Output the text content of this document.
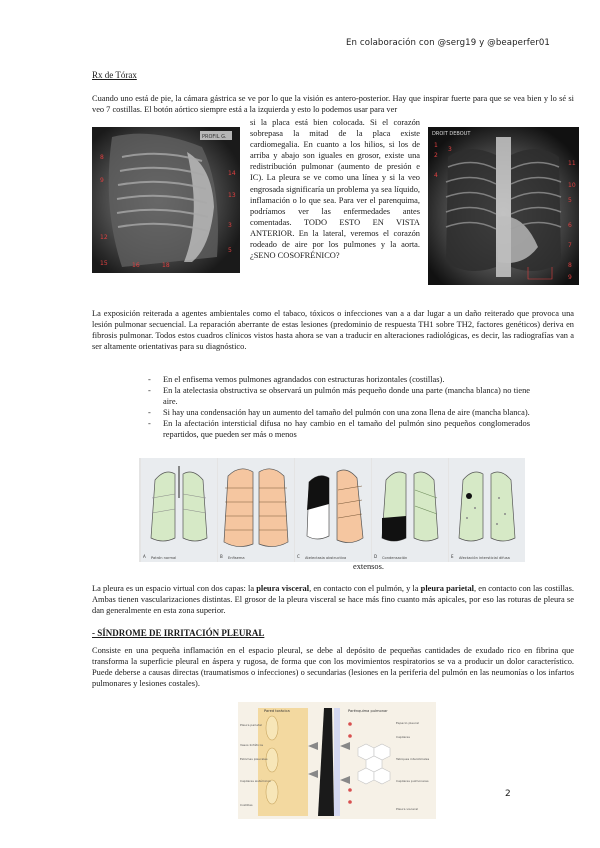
En colaboración con @serg19 y @beaperfer01
Rx de Tórax
Cuando uno está de pie, la cámara gástrica se ve por lo que la visión es antero-posterior. Hay que inspirar fuerte para que se vea bien y lo sé si veo 7 costillas. El botón aórtico siempre está a la izquierda y esto lo podemos usar para ver
PROFIL G.
8
9
14
13
3
5
12
15	16	18
si la placa está bien colocada. Si el corazón sobrepasa la mitad de la placa existe cardiomegalia. En cuanto a los hilios, si los de arriba y abajo son iguales en grosor, existe una redistribución pulmonar (aumento de presión e IC). La pleura se ve como una línea y si la veo engrosada significaría un problema ya sea líquido, inflamación o lo que sea. Para ver el parenquima, podríamos ver las enfermedades antes comentadas. TODO ESTO EN VISTA ANTERIOR. En la lateral, veremos el corazón rodeado de aire por los pulmones y la aorta. ¿SENO COSOFRÉNICO?
DROIT DEBOUT
1
2
4
3
11
10
5
6
7
8
9
La exposición reiterada a agentes ambientales como el tabaco, tóxicos o infecciones van a a dar lugar a un daño reiterado que provoca una lesión pulmonar secuencial. La reparación aberrante de estas lesiones (predominio de respuesta TH1 sobre TH2, factores genéticos) deriva en fibrosis pulmonar. Todos estos cuadros clínicos vistos hasta ahora se van a traducir en alteraciones radiológicas, es decir, las radiografías van a ser altamente orientativas para su diagnóstico.
- En el enfisema vemos pulmones agrandados con estructuras horizontales (costillas).
- En la atelectasia obstructiva se observará un pulmón más pequeño donde una parte (mancha blanca) no tiene aire.
- Si hay una condensación hay un aumento del tamaño del pulmón con una zona llena de aire (mancha blanca).
- En la afectación intersticial difusa no hay cambio en el tamaño del pulmón sino pequeños conglomerados repartidos, que pueden ser más o menos
A Patrón normal	B Enfisema	C Atelectasia obstructiva	D Condensación	E Afectación intersticial difusa
extensos.
La pleura es un espacio virtual con dos capas: la pleura visceral, en contacto con el pulmón, y la pleura parietal, en contacto con las costillas. Ambas tienen vascularizaciones distintas. El grosor de la pleura visceral se hace más fino cuanto más apicales, por eso las roturas de pleura se dan generalmente en esta zona superior.
- SÍNDROME DE IRRITACIÓN PLEURAL
Consiste en una pequeña inflamación en el espacio pleural, se debe al depósito de pequeñas cantidades de exudado rico en fibrina que transforma la superficie pleural en áspera y rugosa, de forma que con los movimientos respiratorios se va a producir un dolor característico. Puede deberse a causas directas (traumatismos o infecciones) o secundarias (lesiones en la periferia del pulmón en las neumonías o los infartos pulmonares y lesiones costales).
Pared torácica	Parénquima pulmonar
Pleura parietal
Vasos linfáticos
Estomas pleurales
Capilares sistémicos
Costillas
Espacio pleural
Capilares
Tabiques intersticiales
Capilares pulmonares
Pleura visceral
2
